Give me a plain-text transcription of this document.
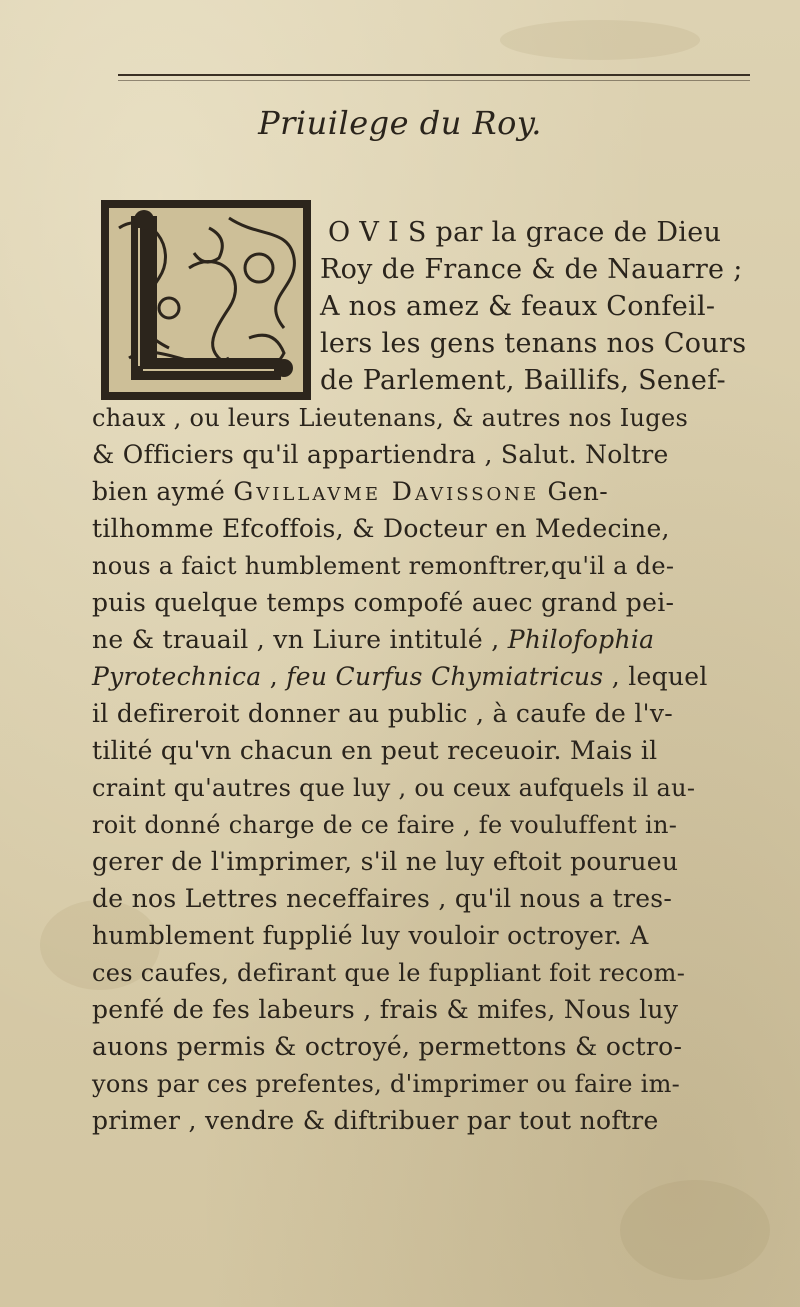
Priuilege du Roy.
O V I S par la grace de Dieu
Roy de France & de Nauarre ;
A nos amez & feaux Confeil-
lers les gens tenans nos Cours
de Parlement, Baillifs, Senef-
chaux , ou leurs Lieutenans, & autres nos Iuges
& Officiers qu'il appartiendra , Salut. Noltre
bien aymé Gvillavme Davissone Gen-
tilhomme Efcoffois, & Docteur en Medecine,
nous a faict humblement remonftrer,qu'il a de-
puis quelque temps compofé auec grand pei-
ne & trauail , vn Liure intitulé , Philofophia
Pyrotechnica , feu Curfus Chymiatricus , lequel
il defireroit donner au public , à caufe de l'v-
tilité qu'vn chacun en peut receuoir. Mais il
craint qu'autres que luy , ou ceux aufquels il au-
roit donné charge de ce faire , fe vouluffent in-
gerer de l'imprimer, s'il ne luy eftoit pourueu
de nos Lettres neceffaires , qu'il nous a tres-
humblement fupplié luy vouloir octroyer. A
ces caufes, defirant que le fuppliant foit recom-
penfé de fes labeurs , frais & mifes, Nous luy
auons permis & octroyé, permettons & octro-
yons par ces prefentes, d'imprimer ou faire im-
primer , vendre & diftribuer par tout noftre
